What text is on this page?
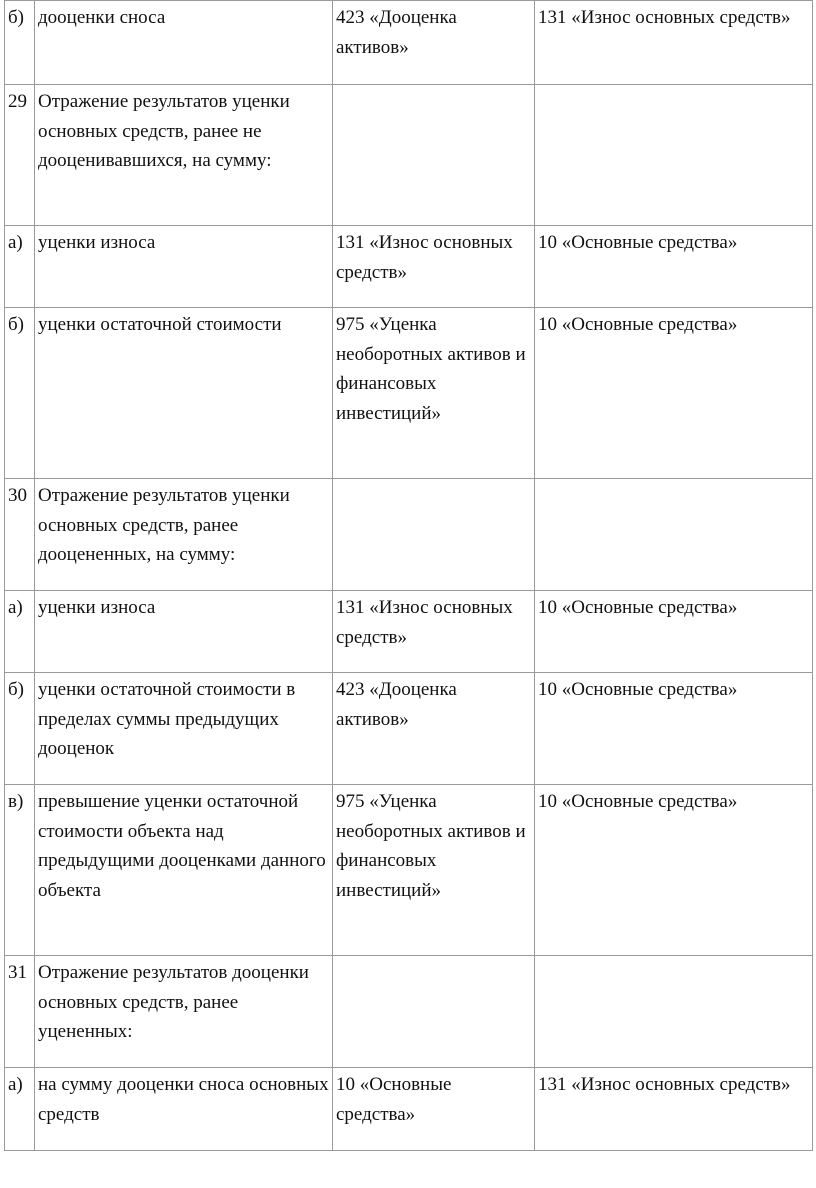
б)	дооценки сноса	423 «Дооценка активов»	131 «Износ основных средств»
29	Отражение результатов уценки основных средств, ранее не дооценивавшихся, на сумму:		
а)	уценки износа	131 «Износ основных средств»	10 «Основные средства»
б)	уценки остаточной стоимости	975 «Уценка необоротных активов и финансовых инвестиций»	10 «Основные средства»
30	Отражение результатов уценки основных средств, ранее дооцененных, на сумму:		
а)	уценки износа	131 «Износ основных средств»	10 «Основные средства»
б)	уценки остаточной стоимости в пределах суммы предыдущих дооценок	423 «Дооценка активов»	10 «Основные средства»
в)	превышение уценки остаточной стоимости объекта над предыдущими дооценками данного объекта	975 «Уценка необоротных активов и финансовых инвестиций»	10 «Основные средства»
31	Отражение результатов дооценки основных средств, ранее уцененных:		
а)	на сумму дооценки сноса основных средств	10 «Основные средства»	131 «Износ основных средств»
